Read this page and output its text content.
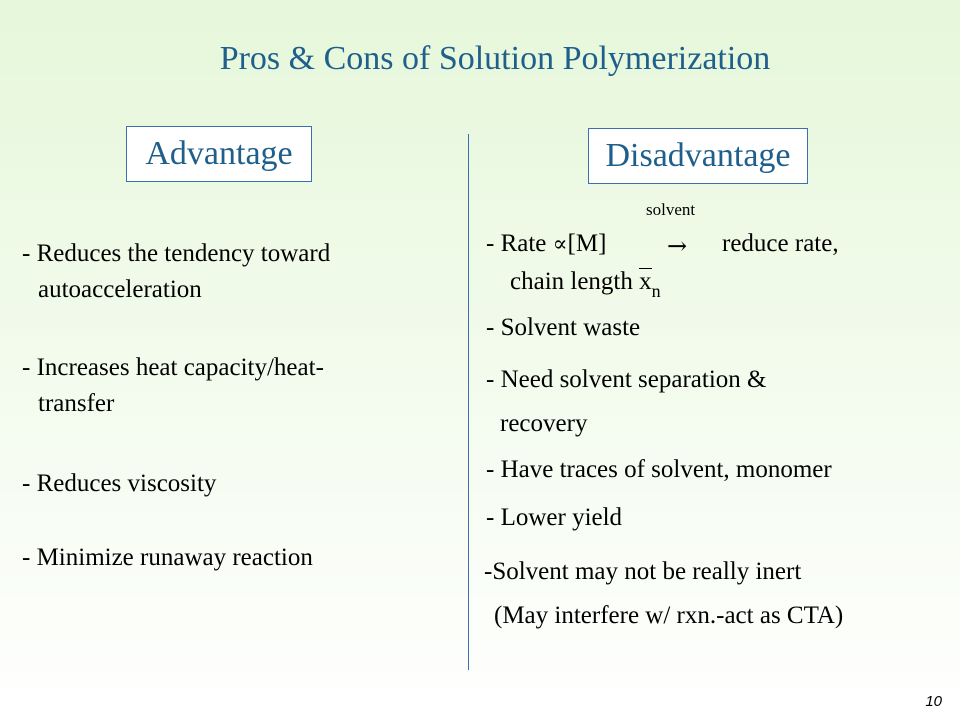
Pros & Cons of Solution Polymerization
Advantage	Disadvantage
- Reduces the tendency toward
autoacceleration
- Increases heat capacity/heat-
transfer
- Reduces viscosity
- Minimize runaway reaction
solvent
- Rate ∝[M]	→ reduce rate,
chain length $x_n$
- Solvent waste
- Need solvent separation &
recovery
- Have traces of solvent, monomer
- Lower yield
-Solvent may not be really inert
(May interfere w/ rxn.-act as CTA)
10
